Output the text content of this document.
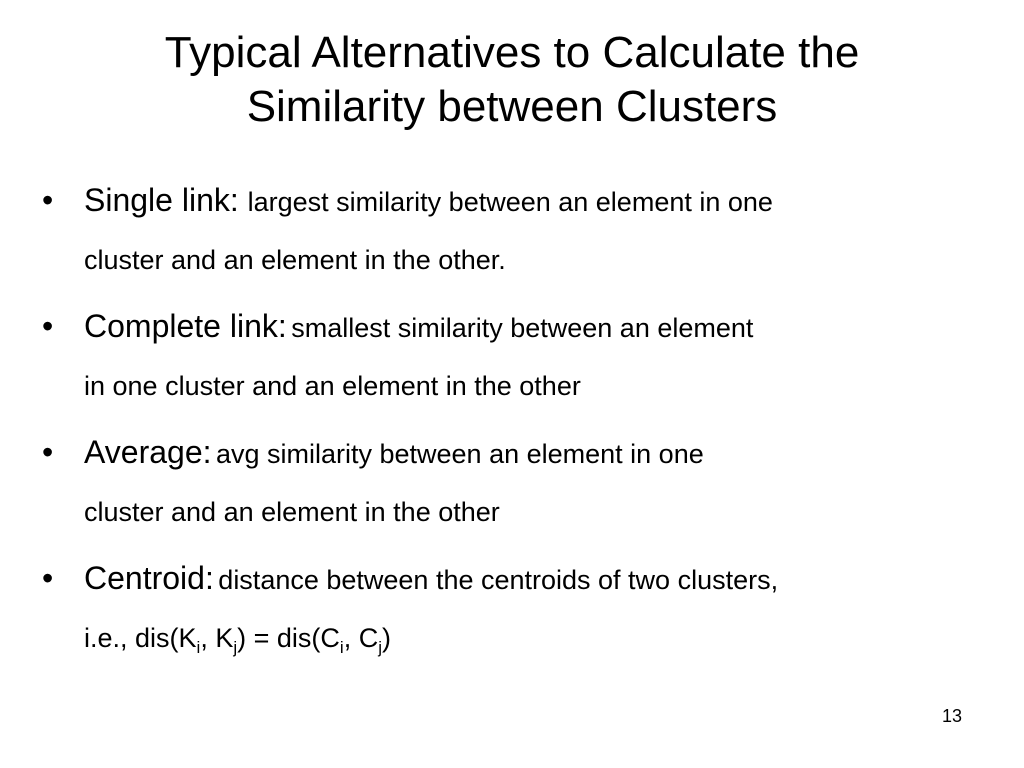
Typical Alternatives to Calculate the
Similarity between Clusters
• Single link: largest similarity between an element in one
cluster and an element in the other.
• Complete link: smallest similarity between an element
in one cluster and an element in the other
• Average: avg similarity between an element in one
cluster and an element in the other
• Centroid: distance between the centroids of two clusters,
i.e., $dis(K_i$, $K_j) = dis(C_i$, $C_j$)
13
